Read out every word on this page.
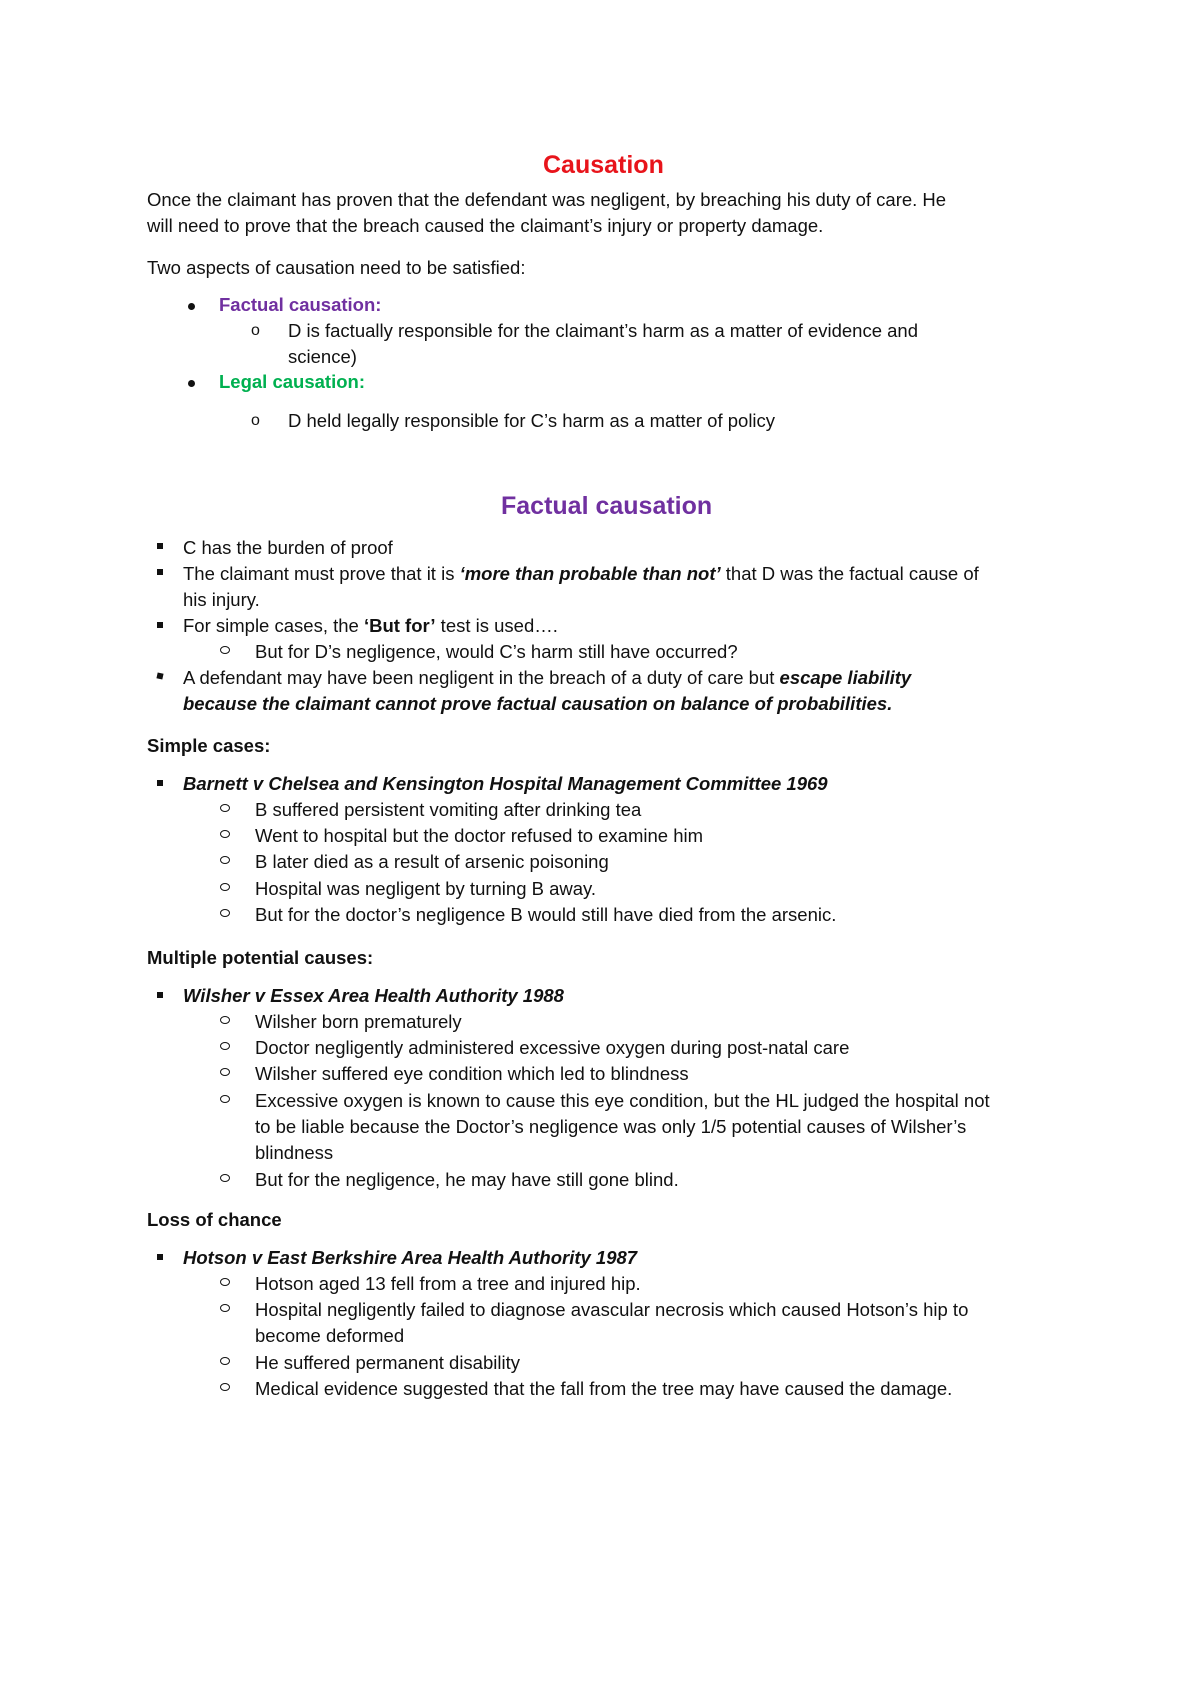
Causation
Once the claimant has proven that the defendant was negligent, by breaching his duty of care. He
will need to prove that the breach caused the claimant’s injury or property damage.
Two aspects of causation need to be satisfied:
Factual causation:
o D is factually responsible for the claimant’s harm as a matter of evidence and
science)
Legal causation:
o D held legally responsible for C’s harm as a matter of policy
Factual causation
C has the burden of proof
The claimant must prove that it is ‘more than probable than not’ that D was the factual cause of
his injury.
For simple cases, the ‘But for’ test is used….
But for D’s negligence, would C’s harm still have occurred?
A defendant may have been negligent in the breach of a duty of care but escape liability
because the claimant cannot prove factual causation on balance of probabilities.
Simple cases:
Barnett v Chelsea and Kensington Hospital Management Committee 1969
B suffered persistent vomiting after drinking tea
Went to hospital but the doctor refused to examine him
B later died as a result of arsenic poisoning
Hospital was negligent by turning B away.
But for the doctor’s negligence B would still have died from the arsenic.
Multiple potential causes:
Wilsher v Essex Area Health Authority 1988
Wilsher born prematurely
Doctor negligently administered excessive oxygen during post-natal care
Wilsher suffered eye condition which led to blindness
Excessive oxygen is known to cause this eye condition, but the HL judged the hospital not
to be liable because the Doctor’s negligence was only 1/5 potential causes of Wilsher’s
blindness
But for the negligence, he may have still gone blind.
Loss of chance
Hotson v East Berkshire Area Health Authority 1987
Hotson aged 13 fell from a tree and injured hip.
Hospital negligently failed to diagnose avascular necrosis which caused Hotson’s hip to
become deformed
He suffered permanent disability
Medical evidence suggested that the fall from the tree may have caused the damage.
